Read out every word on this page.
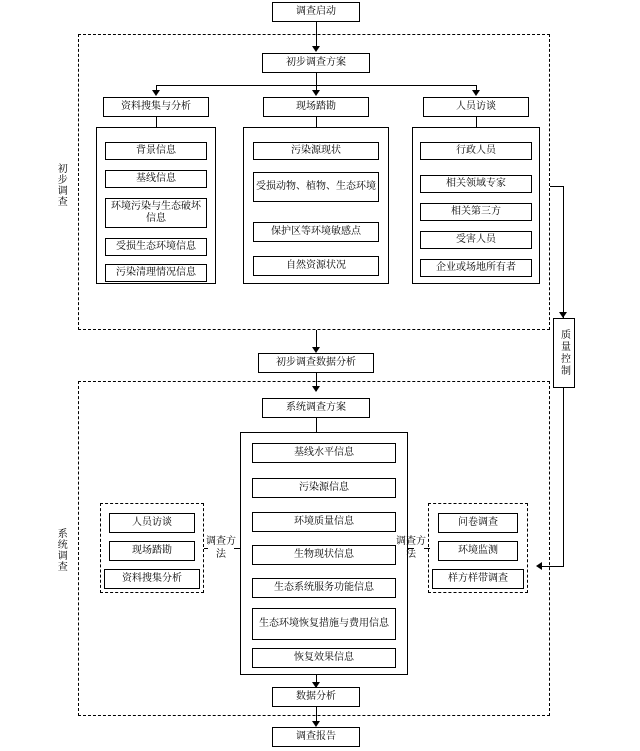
调查启动
初步调查
初步调查方案
资料搜集与分析	现场踏勘	人员访谈
背景信息
基线信息
环境污染与生态破坏信息
受损生态环境信息
污染清理情况信息
污染源现状
受损动物、植物、生态环境
保护区等环境敏感点
自然资源状况
行政人员
相关领域专家
相关第三方
受害人员
企业或场地所有者
初步调查数据分析	质量控制
系统调查
系统调查方案
基线水平信息
污染源信息
环境质量信息
生物现状信息
生态系统服务功能信息
生态环境恢复措施与费用信息
恢复效果信息
人员访谈
现场踏勘
资料搜集分析
调查方法
问卷调查
环境监测
样方样带调查
调查方法
数据分析
调查报告
